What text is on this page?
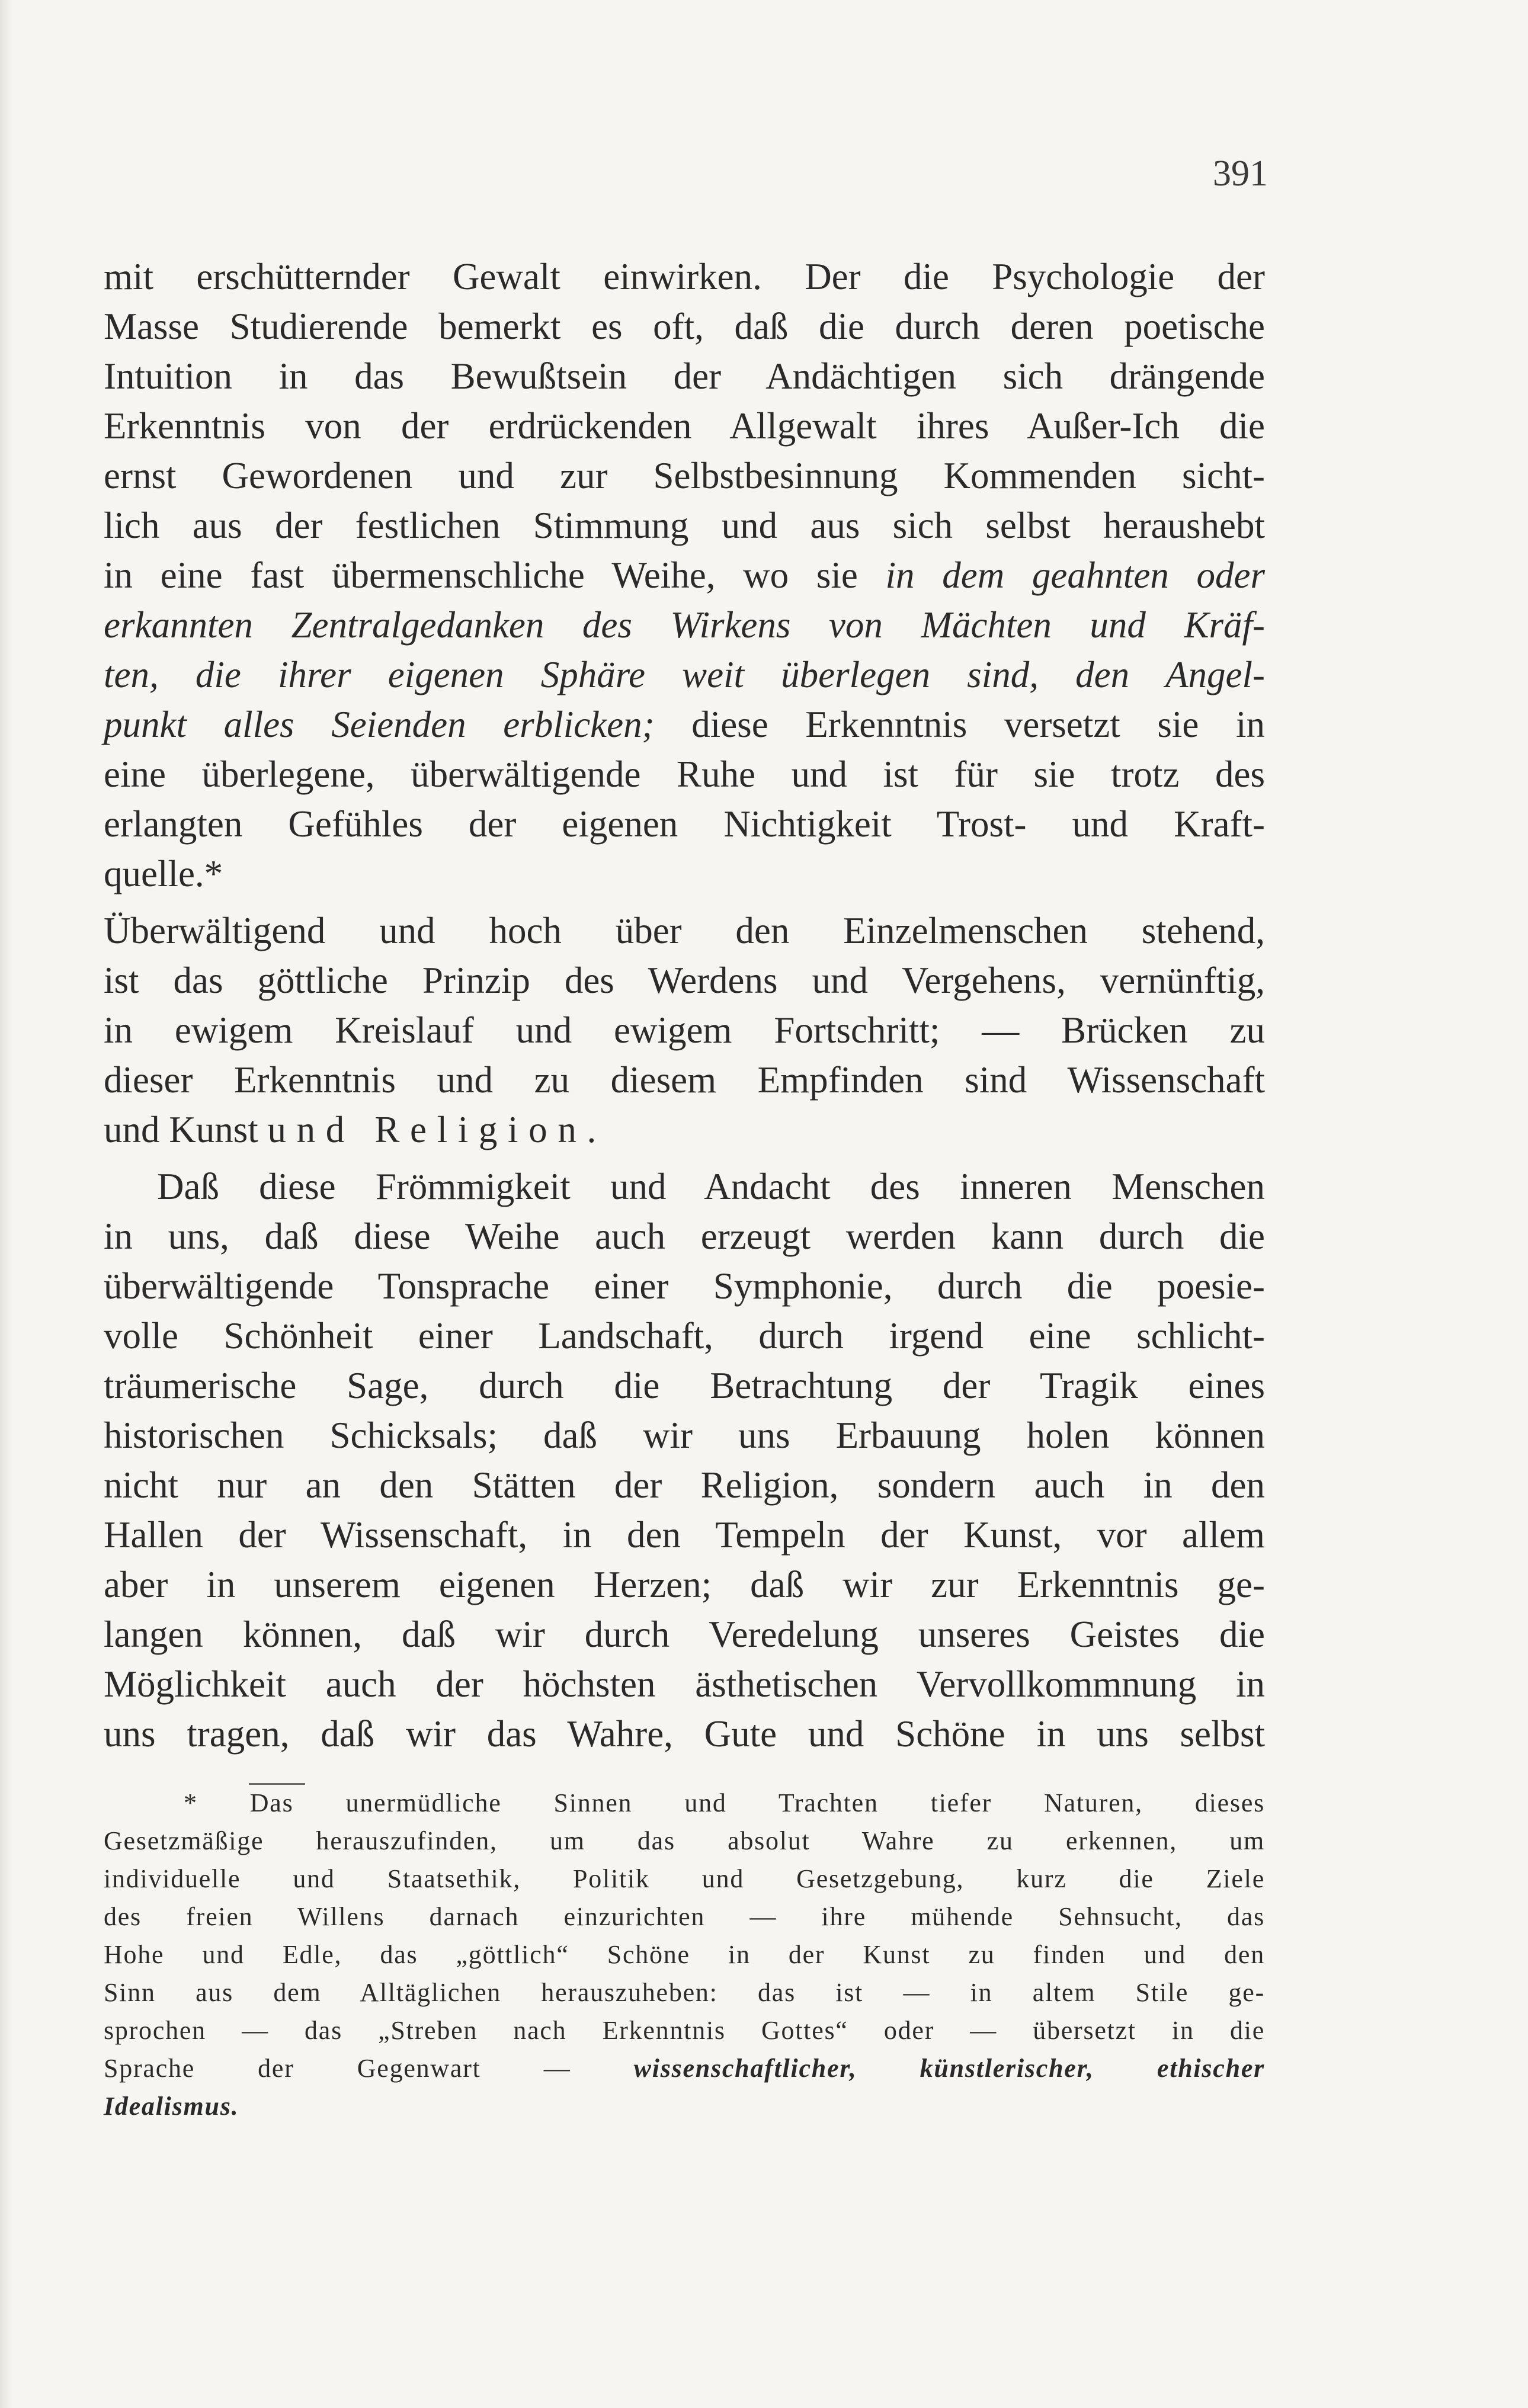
391
mit erschütternder Gewalt einwirken. Der die Psychologie der
Masse Studierende bemerkt es oft, daß die durch deren poetische
Intuition in das Bewußtsein der Andächtigen sich drängende
Erkenntnis von der erdrückenden Allgewalt ihres Außer-Ich die
ernst Gewordenen und zur Selbstbesinnung Kommenden sicht-
lich aus der festlichen Stimmung und aus sich selbst heraushebt
in eine fast übermenschliche Weihe, wo sie in dem geahnten oder
erkannten Zentralgedanken des Wirkens von Mächten und Kräf-
ten, die ihrer eigenen Sphäre weit überlegen sind, den Angel-
punkt alles Seienden erblicken; diese Erkenntnis versetzt sie in
eine überlegene, überwältigende Ruhe und ist für sie trotz des
erlangten Gefühles der eigenen Nichtigkeit Trost- und Kraft-
quelle.*
Überwältigend und hoch über den Einzelmenschen stehend,
ist das göttliche Prinzip des Werdens und Vergehens, vernünftig,
in ewigem Kreislauf und ewigem Fortschritt; — Brücken zu
dieser Erkenntnis und zu diesem Empfinden sind Wissenschaft
und Kunst und Religion.
Daß diese Frömmigkeit und Andacht des inneren Menschen
in uns, daß diese Weihe auch erzeugt werden kann durch die
überwältigende Tonsprache einer Symphonie, durch die poesie-
volle Schönheit einer Landschaft, durch irgend eine schlicht-
träumerische Sage, durch die Betrachtung der Tragik eines
historischen Schicksals; daß wir uns Erbauung holen können
nicht nur an den Stätten der Religion, sondern auch in den
Hallen der Wissenschaft, in den Tempeln der Kunst, vor allem
aber in unserem eigenen Herzen; daß wir zur Erkenntnis ge-
langen können, daß wir durch Veredelung unseres Geistes die
Möglichkeit auch der höchsten ästhetischen Vervollkommnung in
uns tragen, daß wir das Wahre, Gute und Schöne in uns selbst
* Das unermüdliche Sinnen und Trachten tiefer Naturen, dieses
Gesetzmäßige herauszufinden, um das absolut Wahre zu erkennen, um
individuelle und Staatsethik, Politik und Gesetzgebung, kurz die Ziele
des freien Willens darnach einzurichten — ihre mühende Sehnsucht, das
Hohe und Edle, das „göttlich“ Schöne in der Kunst zu finden und den
Sinn aus dem Alltäglichen herauszuheben: das ist — in altem Stile ge-
sprochen — das „Streben nach Erkenntnis Gottes“ oder — übersetzt in die
Sprache der Gegenwart — wissenschaftlicher, künstlerischer, ethischer
Idealismus.
